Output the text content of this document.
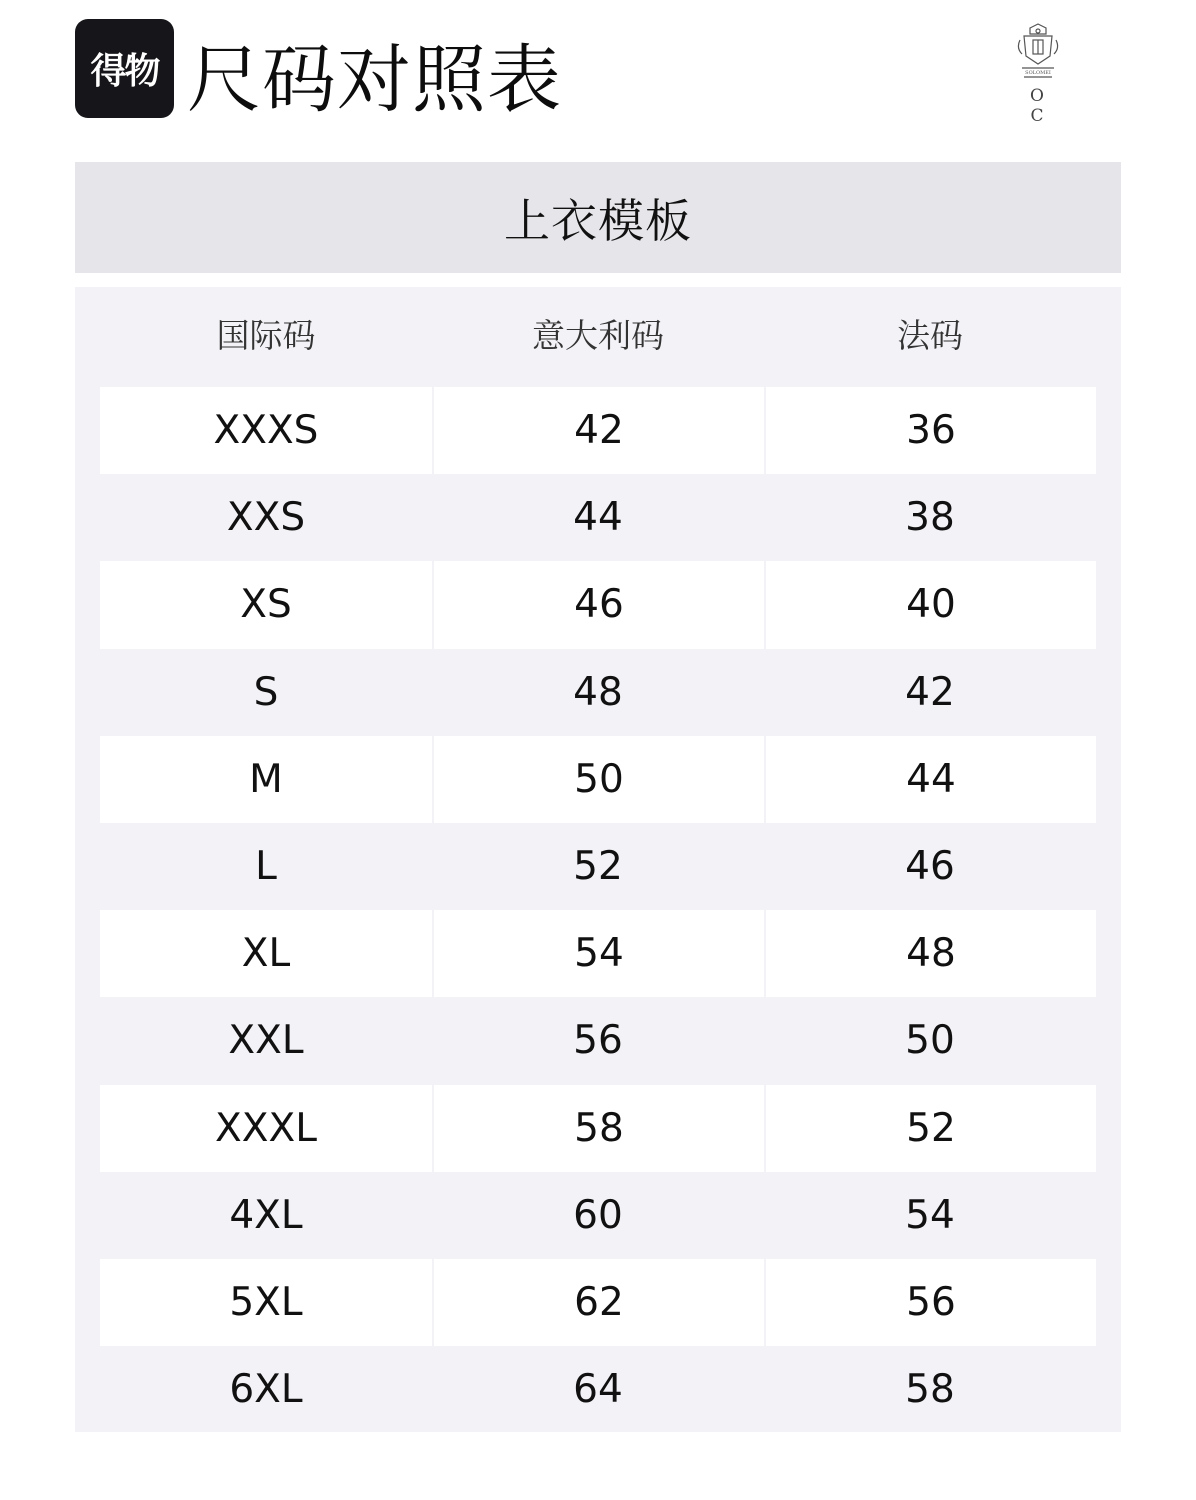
得物 尺码对照表	SOLOMEI
O C
上衣模板
国际码	意大利码	法码
XXXS	42	36
XXS	44	38
XS	46	40
S	48	42
M	50	44
L	52	46
XL	54	48
XXL	56	50
XXXL	58	52
4XL	60	54
5XL	62	56
6XL	64	58
